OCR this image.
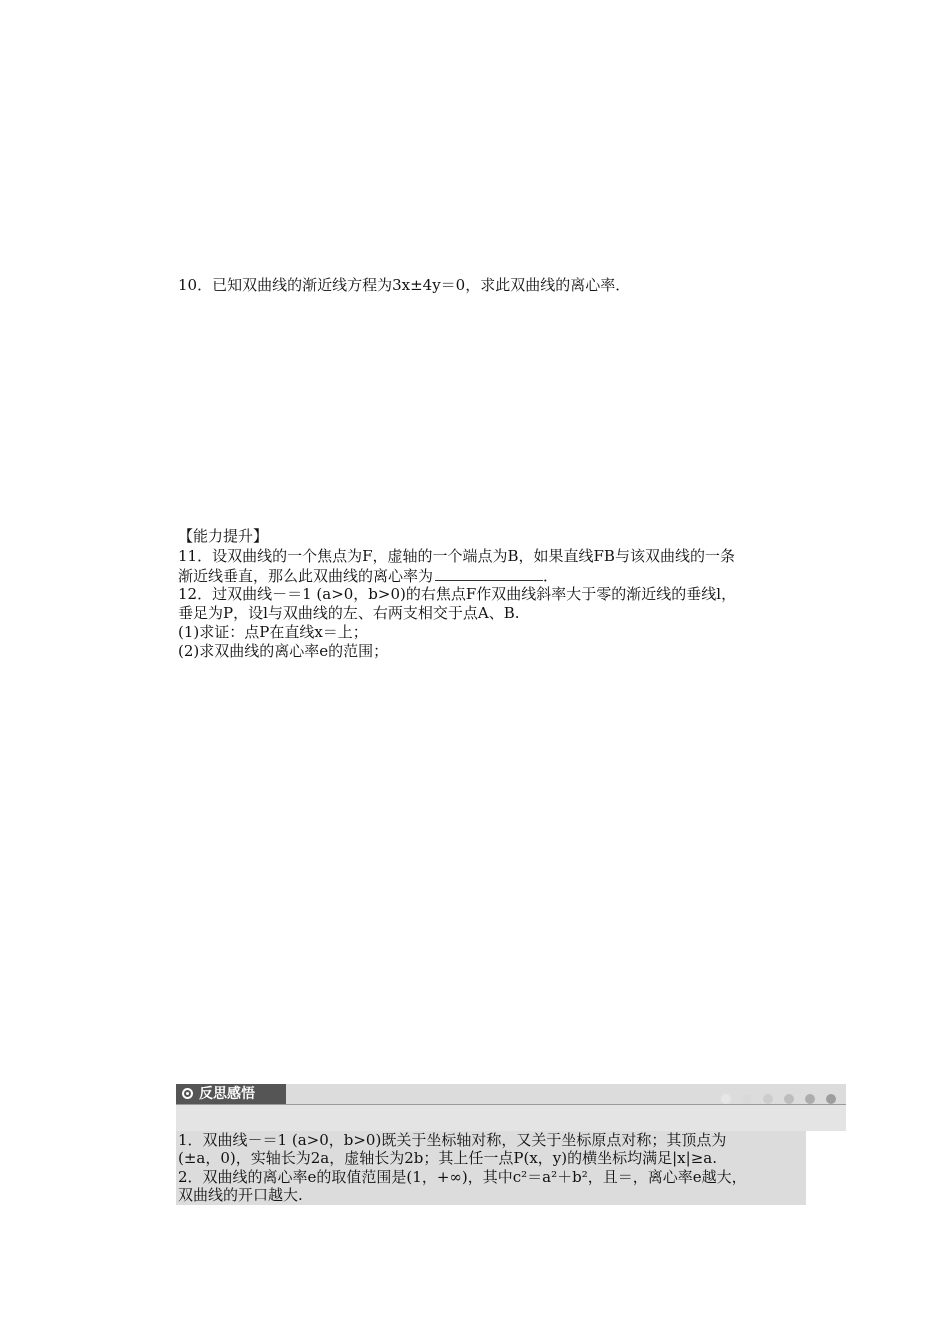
10．已知双曲线的渐近线方程为3x±4y＝0，求此双曲线的离心率．

【能力提升】

11．设双曲线的一个焦点为F，虚轴的一个端点为B，如果直线FB与该双曲线的一条

渐近线垂直，那么此双曲线的离心率为	．

12．过双曲线－＝1 (a>0，b>0)的右焦点F作双曲线斜率大于零的渐近线的垂线l，

垂足为P，设l与双曲线的左、右两支相交于点A、B.

(1)求证：点P在直线x＝上；

(2)求双曲线的离心率e的范围；

反思感悟

1．双曲线－＝1 (a>0，b>0)既关于坐标轴对称，又关于坐标原点对称；其顶点为

(±a，0)，实轴长为2a，虚轴长为2b；其上任一点P(x，y)的横坐标均满足|x|≥a.

2．双曲线的离心率e的取值范围是(1，+∞)，其中c²＝a²＋b²，且＝，离心率e越大，

双曲线的开口越大.
